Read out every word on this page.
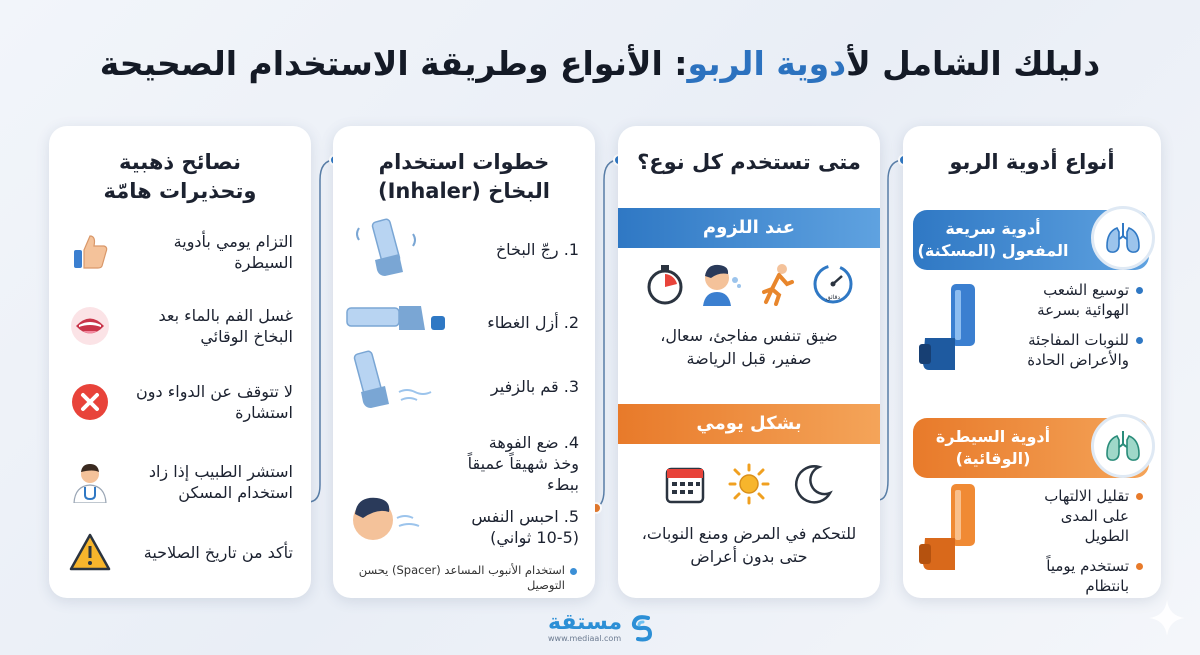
دليلك الشامل لأدوية الربو: الأنواع وطريقة الاستخدام الصحيحة
أنواع أدوية الربو
أدوية سريعة المفعول (المسكنة)
توسيع الشعب الهوائية بسرعة
للنوبات المفاجئة والأعراض الحادة
أدوية السيطرة (الوقائية)
تقليل الالتهاب على المدى الطويل
تستخدم يومياً بانتظام
متى تستخدم كل نوع؟
عند اللزوم
دقائق
ضيق تنفس مفاجئ، سعال، صفير، قبل الرياضة
بشكل يومي
للتحكم في المرض ومنع النوبات، حتى بدون أعراض
خطوات استخدام البخاخ (Inhaler)
1. رجّ البخاخ
2. أزل الغطاء
3. قم بالزفير
4. ضع الفوهة وخذ شهيقاً عميقاً ببطء
5. احبس النفس (5-10 ثواني)
استخدام الأنبوب المساعد (Spacer) يحسن التوصيل
نصائح ذهبية وتحذيرات هامّة
التزام يومي بأدوية السيطرة
غسل الفم بالماء بعد البخاخ الوقائي
لا تتوقف عن الدواء دون استشارة
استشر الطبيب إذا زاد استخدام المسكن
تأكد من تاريخ الصلاحية
مستقة
www.mediaal.com
